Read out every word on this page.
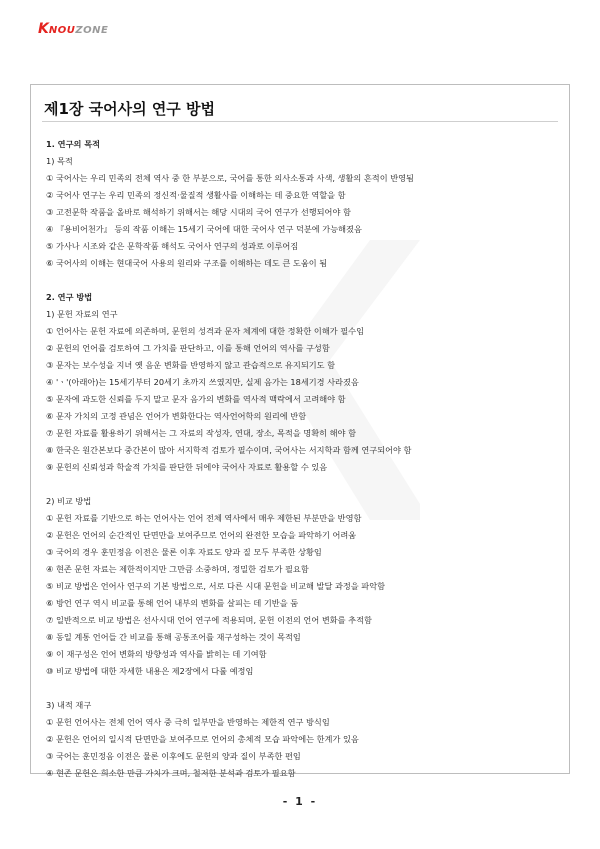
KNOUZONE
제1장 국어사의 연구 방법
1. 연구의 목적
1) 목적
① 국어사는 우리 민족의 전체 역사 중 한 부분으로, 국어를 통한 의사소통과 사색, 생활의 흔적이 반영됨
② 국어사 연구는 우리 민족의 정신적·물질적 생활사를 이해하는 데 중요한 역할을 함
③ 고전문학 작품을 올바로 해석하기 위해서는 해당 시대의 국어 연구가 선행되어야 함
④ 『용비어천가』 등의 작품 이해는 15세기 국어에 대한 국어사 연구 덕분에 가능해졌음
⑤ 가사나 시조와 같은 문학작품 해석도 국어사 연구의 성과로 이루어짐
⑥ 국어사의 이해는 현대국어 사용의 원리와 구조를 이해하는 데도 큰 도움이 됨
2. 연구 방법
1) 문헌 자료의 연구
① 언어사는 문헌 자료에 의존하며, 문헌의 성격과 문자 체계에 대한 정확한 이해가 필수임
② 문헌의 언어를 검토하여 그 가치를 판단하고, 이를 통해 언어의 역사를 구성함
③ 문자는 보수성을 지녀 옛 음운 변화를 반영하지 않고 관습적으로 유지되기도 함
④ 'ㆍ'(아래아)는 15세기부터 20세기 초까지 쓰였지만, 실제 음가는 18세기경 사라졌음
⑤ 문자에 과도한 신뢰를 두지 말고 문자 음가의 변화를 역사적 맥락에서 고려해야 함
⑥ 문자 가치의 고정 관념은 언어가 변화한다는 역사언어학의 원리에 반함
⑦ 문헌 자료를 활용하기 위해서는 그 자료의 작성자, 연대, 장소, 목적을 명확히 해야 함
⑧ 한국은 원간본보다 중간본이 많아 서지학적 검토가 필수이며, 국어사는 서지학과 함께 연구되어야 함
⑨ 문헌의 신뢰성과 학술적 가치를 판단한 뒤에야 국어사 자료로 활용할 수 있음
2) 비교 방법
① 문헌 자료를 기반으로 하는 언어사는 언어 전체 역사에서 매우 제한된 부분만을 반영함
② 문헌은 언어의 순간적인 단면만을 보여주므로 언어의 완전한 모습을 파악하기 어려움
③ 국어의 경우 훈민정음 이전은 물론 이후 자료도 양과 질 모두 부족한 상황임
④ 현존 문헌 자료는 제한적이지만 그만큼 소중하며, 정밀한 검토가 필요함
⑤ 비교 방법은 언어사 연구의 기본 방법으로, 서로 다른 시대 문헌을 비교해 발달 과정을 파악함
⑥ 방언 연구 역시 비교를 통해 언어 내부의 변화를 살피는 데 기반을 둠
⑦ 일반적으로 비교 방법은 선사시대 언어 연구에 적용되며, 문헌 이전의 언어 변화를 추적함
⑧ 동일 계통 언어들 간 비교를 통해 공통조어를 재구성하는 것이 목적임
⑨ 이 재구성은 언어 변화의 방향성과 역사를 밝히는 데 기여함
⑩ 비교 방법에 대한 자세한 내용은 제2장에서 다룰 예정임
3) 내적 재구
① 문헌 언어사는 전체 언어 역사 중 극히 일부만을 반영하는 제한적 연구 방식임
② 문헌은 언어의 일시적 단면만을 보여주므로 언어의 총체적 모습 파악에는 한계가 있음
③ 국어는 훈민정음 이전은 물론 이후에도 문헌의 양과 질이 부족한 편임
④ 현존 문헌은 희소한 만큼 가치가 크며, 철저한 분석과 검토가 필요함
- 1 -
